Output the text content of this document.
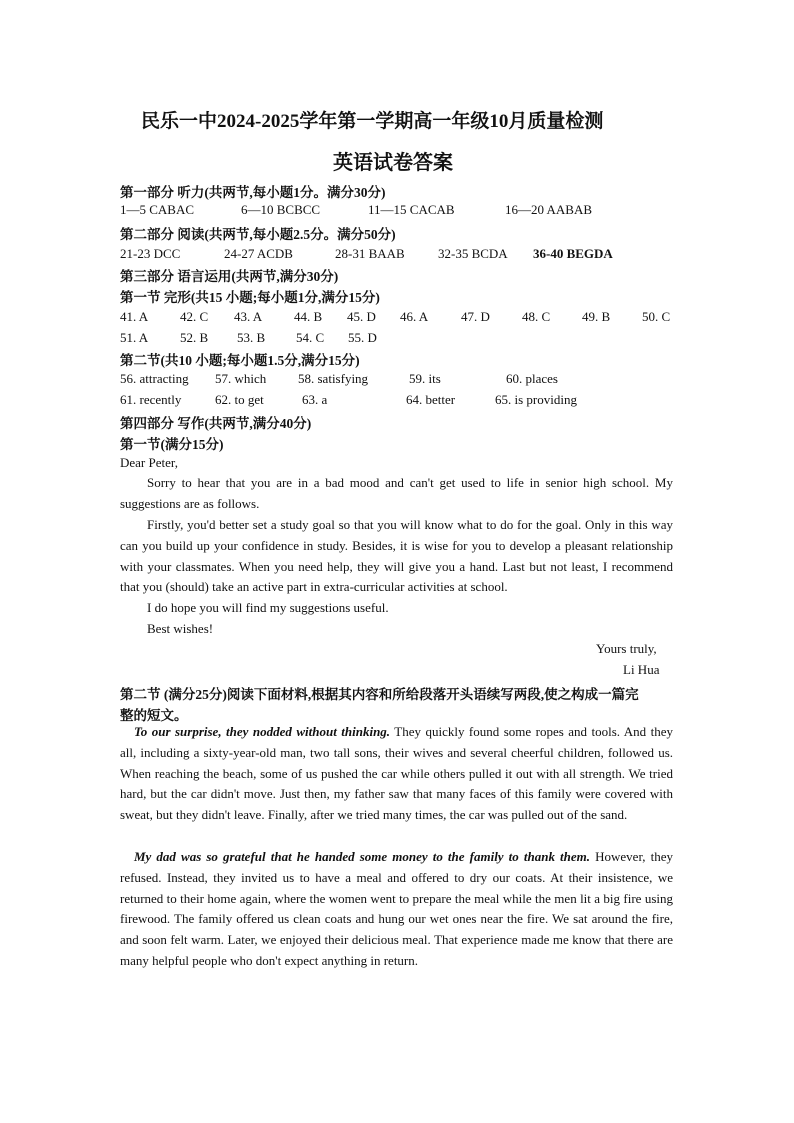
民乐一中2024-2025学年第一学期高一年级10月质量检测
英语试卷答案
第一部分 听力(共两节,每小题1分。满分30分)
1—5 CABAC	6—10 BCBCC	11—15 CACAB	16—20 AABAB
第二部分 阅读(共两节,每小题2.5分。满分50分)
21-23 DCC	24-27 ACDB	28-31 BAAB	32-35 BCDA 36-40 BEGDA
第三部分 语言运用(共两节,满分30分)
第一节 完形(共15 小题;每小题1分,满分15分)
41. A 42. C 43. A 44. B 45. D 46. A	47. D 48. C 49. B 50. C
51. A 52. B 53. B 54. C 55. D
第二节(共10 小题;每小题1.5分,满分15分)
56. attracting 57. which 58. satisfying	59. its	60. places
61. recently	62. to get	63. a	64. better	65. is providing
第四部分 写作(共两节,满分40分)
第一节(满分15分)
Dear Peter,
Sorry to hear that you are in a bad mood and can't get used to life in senior high school. My suggestions are as follows.
Firstly, you'd better set a study goal so that you will know what to do for the goal. Only in this way can you build up your confidence in study. Besides, it is wise for you to develop a pleasant relationship with your classmates. When you need help, they will give you a hand. Last but not least, I recommend that you (should) take an active part in extra-curricular activities at school.
I do hope you will find my suggestions useful.
Best wishes!
Yours truly,
Li Hua
第二节 (满分25分)阅读下面材料,根据其内容和所给段落开头语续写两段,使之构成一篇完
整的短文。
To our surprise, they nodded without thinking. They quickly found some ropes and tools. And they all, including a sixty-year-old man, two tall sons, their wives and several cheerful children, followed us. When reaching the beach, some of us pushed the car while others pulled it out with all strength. We tried hard, but the car didn't move. Just then, my father saw that many faces of this family were covered with sweat, but they didn't leave. Finally, after we tried many times, the car was pulled out of the sand.
My dad was so grateful that he handed some money to the family to thank them. However, they refused. Instead, they invited us to have a meal and offered to dry our coats. At their insistence, we returned to their home again, where the women went to prepare the meal while the men lit a big fire using firewood. The family offered us clean coats and hung our wet ones near the fire. We sat around the fire, and soon felt warm. Later, we enjoyed their delicious meal. That experience made me know that there are many helpful people who don't expect anything in return.
